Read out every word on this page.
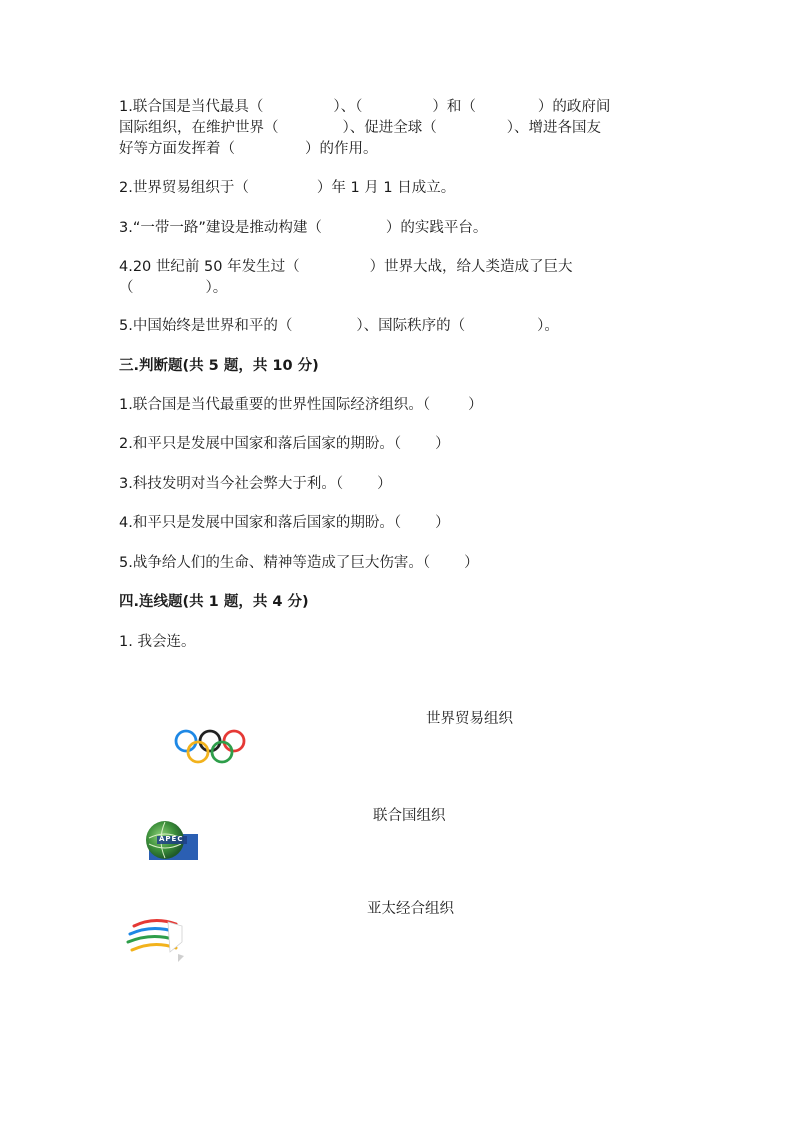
1.联合国是当代最具（	）、（	）和（	）的政府间
国际组织，在维护世界（	）、促进全球（	）、增进各国友
好等方面发挥着（	）的作用。
2.世界贸易组织于（	）年 1 月 1 日成立。
3.“一带一路”建设是推动构建（	）的实践平台。
4.20 世纪前 50 年发生过（	）世界大战，给人类造成了巨大
（	）。
5.中国始终是世界和平的（	）、国际秩序的（	）。
三.判断题(共 5 题，共 10 分)
1.联合国是当代最重要的世界性国际经济组织。（	）
2.和平只是发展中国家和落后国家的期盼。（ ）
3.科技发明对当今社会弊大于利。（ ）
4.和平只是发展中国家和落后国家的期盼。（ ）
5.战争给人们的生命、精神等造成了巨大伤害。（ ）
四.连线题(共 1 题，共 4 分)
1. 我会连。
世界贸易组织
联合国组织
亚太经合组织
APEC
